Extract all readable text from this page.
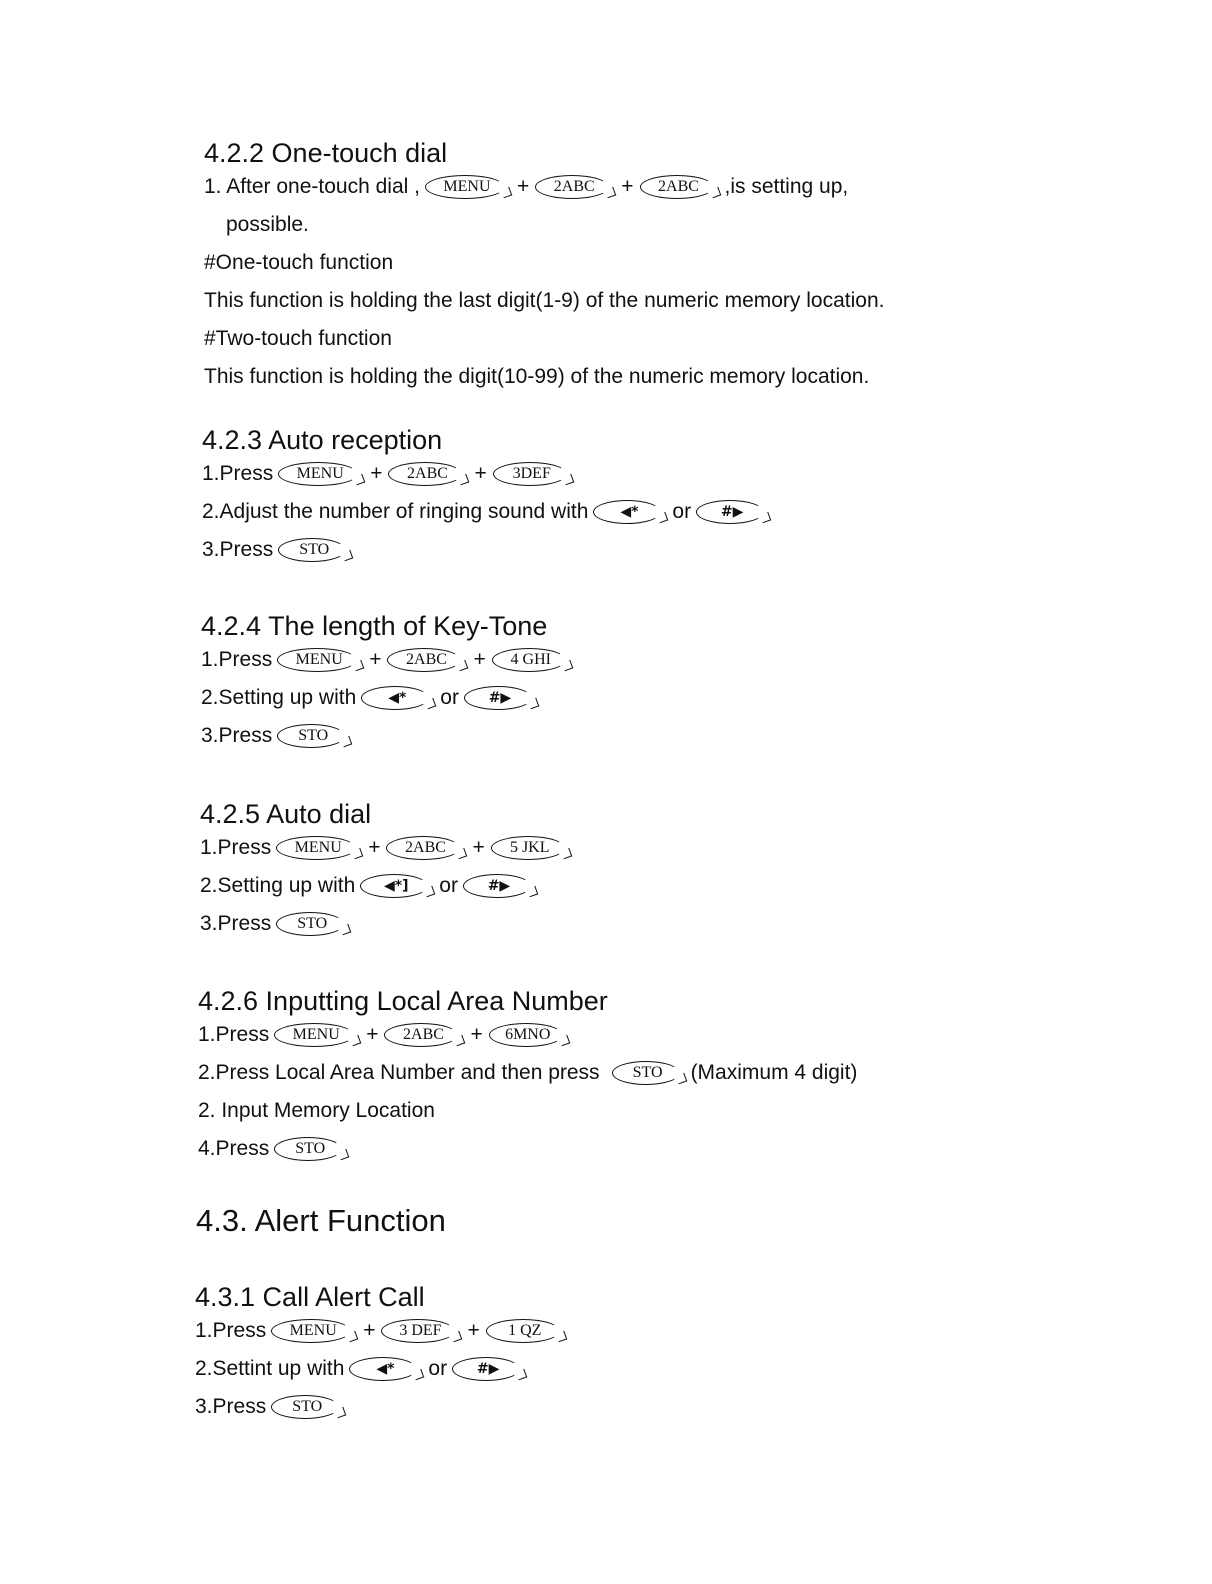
4.2.2 One-touch dial
1. After one-touch dial ,	MENU	+	2ABC	+	2ABC	,is setting up,
possible.
#One-touch function
This function is holding the last digit(1-9) of the numeric memory location.
#Two-touch function
This function is holding the digit(10-99) of the numeric memory location.
4.2.3 Auto reception
1.Press	MENU	+	2ABC	+	3DEF
2.Adjust the number of ringing sound with	◀*	or	#▶
3.Press	STO
4.2.4 The length of Key-Tone
1.Press	MENU	+	2ABC	+	4 GHI
2.Setting up with	◀*	or	#▶
3.Press	STO
4.2.5 Auto dial
1.Press	MENU	+	2ABC	+	5 JKL
2.Setting up with	◀*]	or	#▶
3.Press	STO
4.2.6 Inputting Local Area Number
1.Press	MENU	+	2ABC	+	6MNO
2.Press Local Area Number and then press	STO	(Maximum 4 digit)
2. Input Memory Location
4.Press	STO
4.3. Alert Function
4.3.1 Call Alert Call
1.Press	MENU	+	3 DEF	+	1 QZ
2.Settint up with	◀*	or	#▶
3.Press	STO
